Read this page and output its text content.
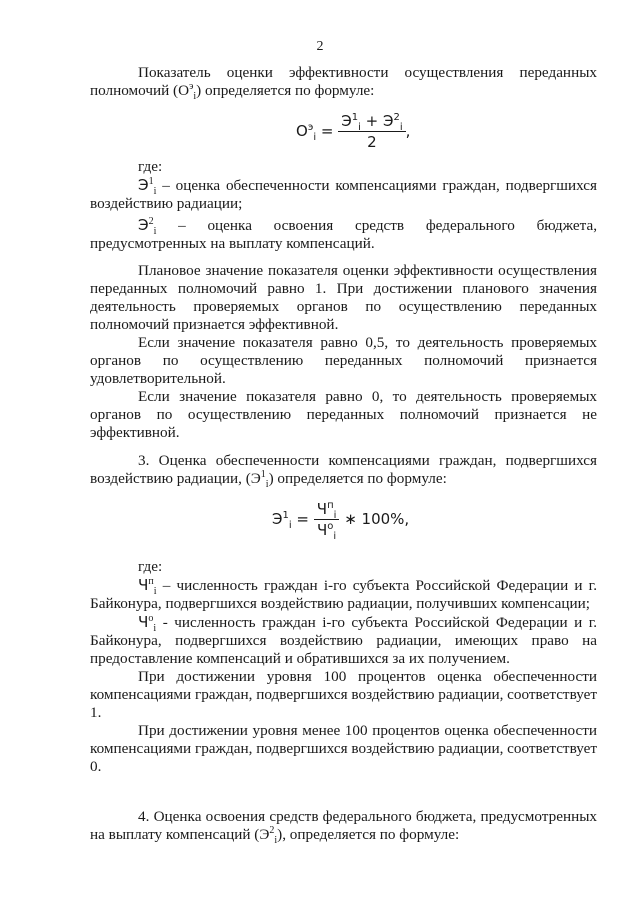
2

Показатель оценки эффективности осуществления переданных полномочий $(О^э_i)$ определяется по формуле:

$О^э_i = \frac{Э^1_i + Э^2_i}{2}$ ,

где:

$Э^1_i$ – оценка обеспеченности компенсациями граждан, подвергшихся воздействию радиации;

$Э^2_i$ – оценка освоения средств федерального бюджета, предусмотренных на выплату компенсаций.

Плановое значение показателя оценки эффективности осуществления переданных полномочий равно 1. При достижении планового значения деятельность проверяемых органов по осуществлению переданных полномочий признается эффективной.

Если значение показателя равно 0,5, то деятельность проверяемых органов по осуществлению переданных полномочий признается удовлетворительной.

Если значение показателя равно 0, то деятельность проверяемых органов по осуществлению переданных полномочий признается не эффективной.

3. Оценка обеспеченности компенсациями граждан, подвергшихся воздействию радиации, $(Э^1_i)$ определяется по формуле:

$Э^1_i = \frac{Ч^п_i}{Ч^о_i}$ ∗ 100%,

где:

$Ч^п_i$ – численность граждан i-го субъекта Российской Федерации и г. Байконура, подвергшихся воздействию радиации, получивших компенсации;

$Ч^о_i$ - численность граждан i-го субъекта Российской Федерации и г. Байконура, подвергшихся воздействию радиации, имеющих право на предоставление компенсаций и обратившихся за их получением.

При достижении уровня 100 процентов оценка обеспеченности компенсациями граждан, подвергшихся воздействию радиации, соответствует 1.

При достижении уровня менее 100 процентов оценка обеспеченности компенсациями граждан, подвергшихся воздействию радиации, соответствует 0.

4. Оценка освоения средств федерального бюджета, предусмотренных на выплату компенсаций $(Э^2_i)$, определяется по формуле:
